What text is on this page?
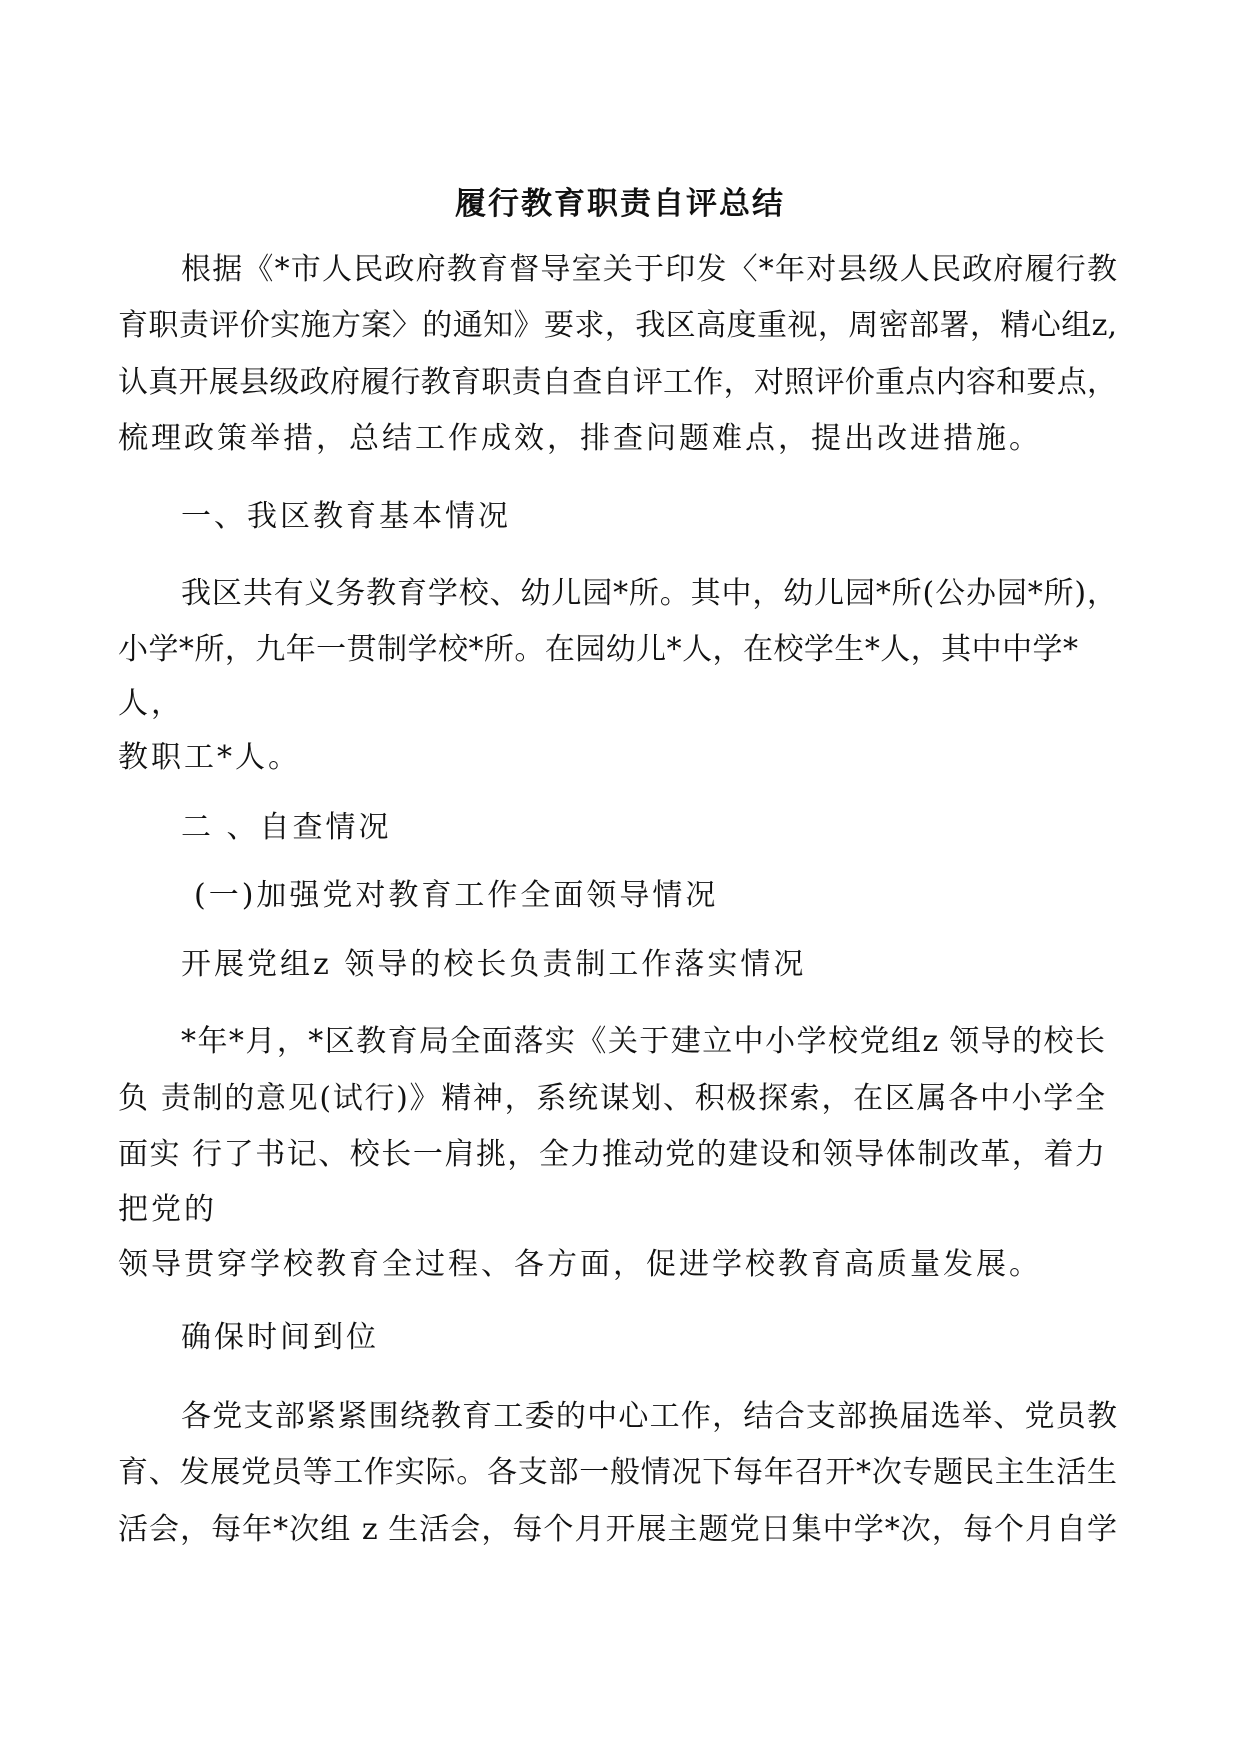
履行教育职责自评总结
根据《*市人民政府教育督导室关于印发〈*年对县级人民政府履行教
育职责评价实施方案〉的通知》要求，我区高度重视，周密部署，精心组z,
认真开展县级政府履行教育职责自查自评工作，对照评价重点内容和要点，
梳理政策举措，总结工作成效，排查问题难点，提出改进措施。
一、我区教育基本情况
我区共有义务教育学校、幼儿园*所。其中，幼儿园*所(公办园*所)，
小学*所，九年一贯制学校*所。在园幼儿*人，在校学生*人，其中中学*
人，
教职工*人。
二 、自查情况
(一)加强党对教育工作全面领导情况
开展党组z 领导的校长负责制工作落实情况
*年*月，*区教育局全面落实《关于建立中小学校党组z 领导的校长
负 责制的意见(试行)》精神，系统谋划、积极探索，在区属各中小学全
面实 行了书记、校长一肩挑，全力推动党的建设和领导体制改革，着力
把党的
领导贯穿学校教育全过程、各方面，促进学校教育高质量发展。
确保时间到位
各党支部紧紧围绕教育工委的中心工作，结合支部换届选举、党员教
育、发展党员等工作实际。各支部一般情况下每年召开*次专题民主生活生
活会，每年*次组 z 生活会，每个月开展主题党日集中学*次，每个月自学
